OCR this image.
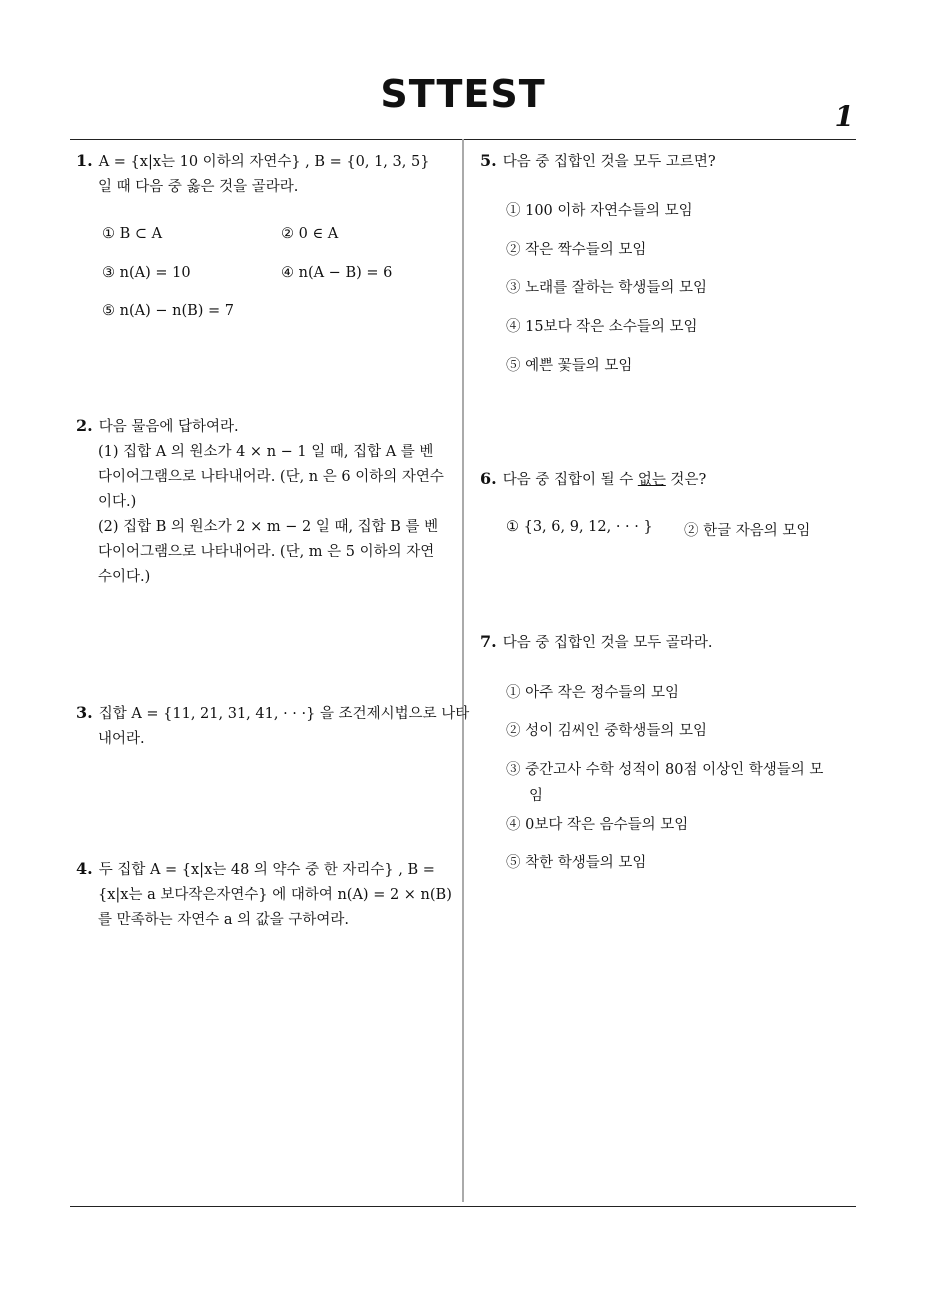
STTEST
1
1. A = {x|x는 10 이하의 자연수} , B = {0, 1, 3, 5}
일 때 다음 중 옳은 것을 골라라.
① B ⊂ A	② 0 ∈ A
③ n(A) = 10	④ n(A − B) = 6
⑤ n(A) − n(B) = 7
2. 다음 물음에 답하여라.
(1) 집합 A 의 원소가 4 × n − 1 일 때, 집합 A 를 벤
다이어그램으로 나타내어라. (단, n 은 6 이하의 자연수
이다.)
(2) 집합 B 의 원소가 2 × m − 2 일 때, 집합 B 를 벤
다이어그램으로 나타내어라. (단, m 은 5 이하의 자연
수이다.)
3. 집합 A = {11, 21, 31, 41, · · ·} 을 조건제시법으로 나타
내어라.
4. 두 집합 A = {x|x는 48 의 약수 중 한 자리수} , B =
{x|x는 a 보다작은자연수} 에 대하여 n(A) = 2 × n(B)
를 만족하는 자연수 a 의 값을 구하여라.
5. 다음 중 집합인 것을 모두 고르면?
① 100 이하 자연수들의 모임
② 작은 짝수들의 모임
③ 노래를 잘하는 학생들의 모임
④ 15보다 작은 소수들의 모임
⑤ 예쁜 꽃들의 모임
6. 다음 중 집합이 될 수 없는 것은?
① {3, 6, 9, 12, · · · } ② 한글 자음의 모임
7. 다음 중 집합인 것을 모두 골라라.
① 아주 작은 정수들의 모임
② 성이 김씨인 중학생들의 모임
③ 중간고사 수학 성적이 80점 이상인 학생들의 모
임
④ 0보다 작은 음수들의 모임
⑤ 착한 학생들의 모임
